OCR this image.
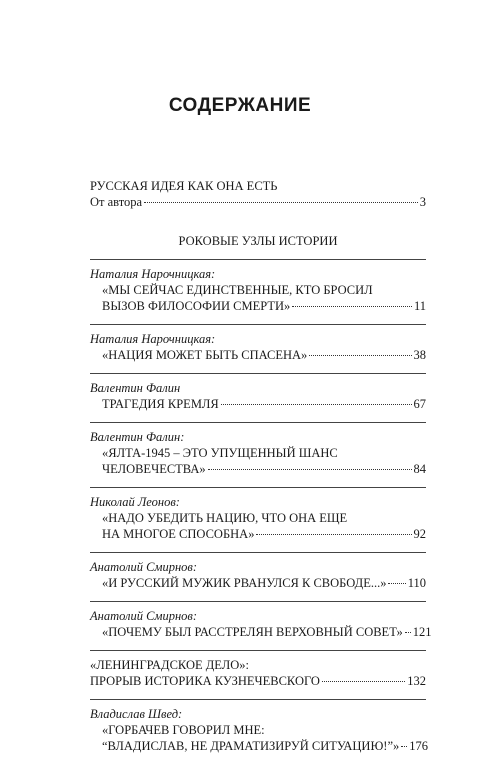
СОДЕРЖАНИЕ
РУССКАЯ ИДЕЯ КАК ОНА ЕСТЬ
От автора	3
РОКОВЫЕ УЗЛЫ ИСТОРИИ
Наталия Нарочницкая:
«МЫ СЕЙЧАС ЕДИНСТВЕННЫЕ, КТО БРОСИЛ
ВЫЗОВ ФИЛОСОФИИ СМЕРТИ»	11
Наталия Нарочницкая:
«НАЦИЯ МОЖЕТ БЫТЬ СПАСЕНА»	38
Валентин Фалин
ТРАГЕДИЯ КРЕМЛЯ	67
Валентин Фалин:
«ЯЛТА-1945 – ЭТО УПУЩЕННЫЙ ШАНС
ЧЕЛОВЕЧЕСТВА»	84
Николай Леонов:
«НАДО УБЕДИТЬ НАЦИЮ, ЧТО ОНА ЕЩЕ
НА МНОГОЕ СПОСОБНА»	92
Анатолий Смирнов:
«И РУССКИЙ МУЖИК РВАНУЛСЯ К СВОБОДЕ...» 110
Анатолий Смирнов:
«ПОЧЕМУ БЫЛ РАССТРЕЛЯН ВЕРХОВНЫЙ СОВЕТ» 121
«ЛЕНИНГРАДСКОЕ ДЕЛО»:
ПРОРЫВ ИСТОРИКА КУЗНЕЧЕВСКОГО	132
Владислав Швед:
«ГОРБАЧЕВ ГОВОРИЛ МНЕ:
“ВЛАДИСЛАВ, НЕ ДРАМАТИЗИРУЙ СИТУАЦИЮ!”» 176
